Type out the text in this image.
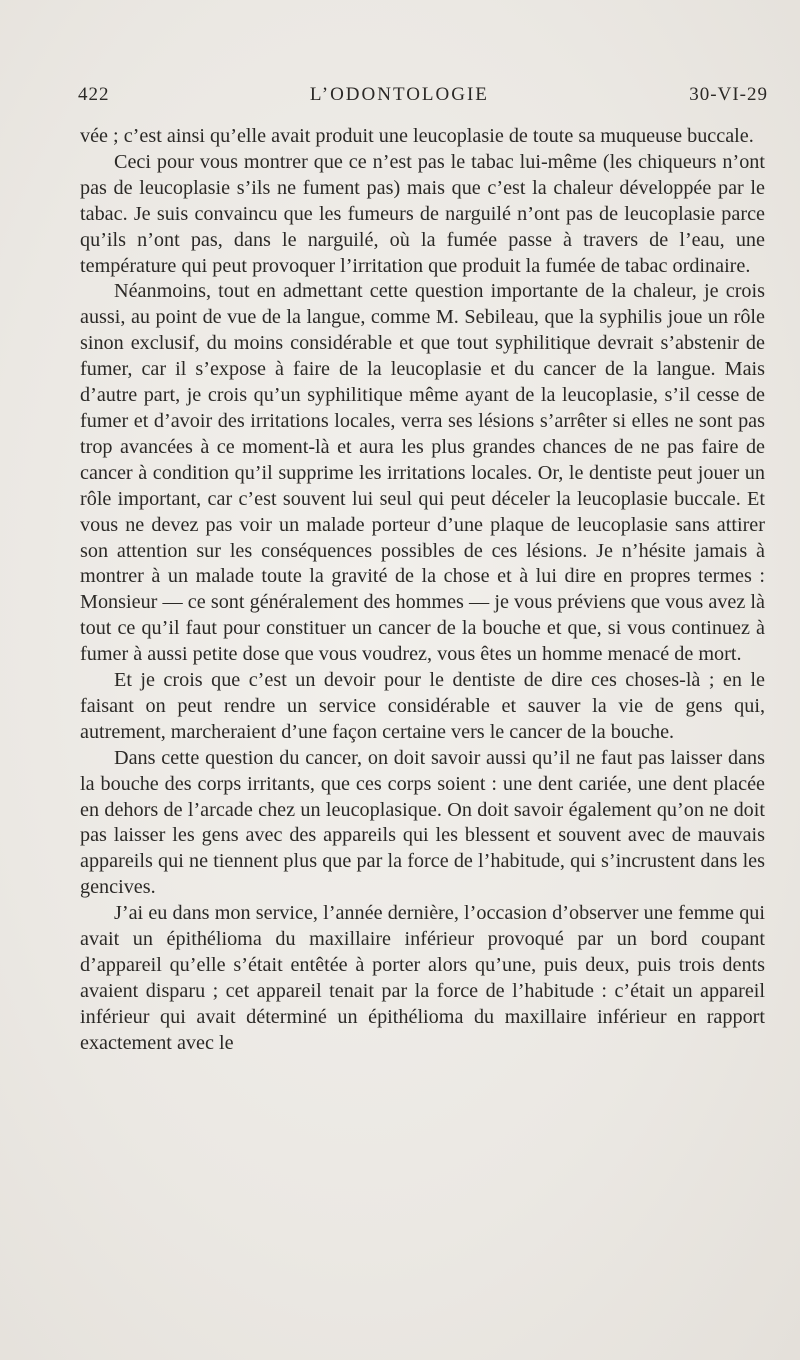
422	L’ODONTOLOGIE	30-VI-29

vée ; c’est ainsi qu’elle avait produit une leucoplasie de toute sa muqueuse buccale.

Ceci pour vous montrer que ce n’est pas le tabac lui-même (les chiqueurs n’ont pas de leucoplasie s’ils ne fument pas) mais que c’est la chaleur développée par le tabac. Je suis convaincu que les fumeurs de narguilé n’ont pas de leucoplasie parce qu’ils n’ont pas, dans le narguilé, où la fumée passe à travers de l’eau, une température qui peut provoquer l’irritation que produit la fumée de tabac ordinaire.

Néanmoins, tout en admettant cette question importante de la chaleur, je crois aussi, au point de vue de la langue, comme M. Sebileau, que la syphilis joue un rôle sinon exclusif, du moins considérable et que tout syphilitique devrait s’abstenir de fumer, car il s’expose à faire de la leucoplasie et du cancer de la langue. Mais d’autre part, je crois qu’un syphilitique même ayant de la leucoplasie, s’il cesse de fumer et d’avoir des irritations locales, verra ses lésions s’arrêter si elles ne sont pas trop avancées à ce moment-là et aura les plus grandes chances de ne pas faire de cancer à condition qu’il supprime les irritations locales. Or, le dentiste peut jouer un rôle important, car c’est souvent lui seul qui peut déceler la leucoplasie buccale. Et vous ne devez pas voir un malade porteur d’une plaque de leucoplasie sans attirer son attention sur les conséquences possibles de ces lésions. Je n’hésite jamais à montrer à un malade toute la gravité de la chose et à lui dire en propres termes : Monsieur — ce sont généralement des hommes — je vous préviens que vous avez là tout ce qu’il faut pour constituer un cancer de la bouche et que, si vous continuez à fumer à aussi petite dose que vous voudrez, vous êtes un homme menacé de mort.

Et je crois que c’est un devoir pour le dentiste de dire ces choses-là ; en le faisant on peut rendre un service considérable et sauver la vie de gens qui, autrement, marcheraient d’une façon certaine vers le cancer de la bouche.

Dans cette question du cancer, on doit savoir aussi qu’il ne faut pas laisser dans la bouche des corps irritants, que ces corps soient : une dent cariée, une dent placée en dehors de l’arcade chez un leucoplasique. On doit savoir également qu’on ne doit pas laisser les gens avec des appareils qui les blessent et souvent avec de mauvais appareils qui ne tiennent plus que par la force de l’habitude, qui s’incrustent dans les gencives.

J’ai eu dans mon service, l’année dernière, l’occasion d’observer une femme qui avait un épithélioma du maxillaire inférieur provoqué par un bord coupant d’appareil qu’elle s’était entêtée à porter alors qu’une, puis deux, puis trois dents avaient disparu ; cet appareil tenait par la force de l’habitude : c’était un appareil inférieur qui avait déterminé un épithélioma du maxillaire inférieur en rapport exactement avec le
